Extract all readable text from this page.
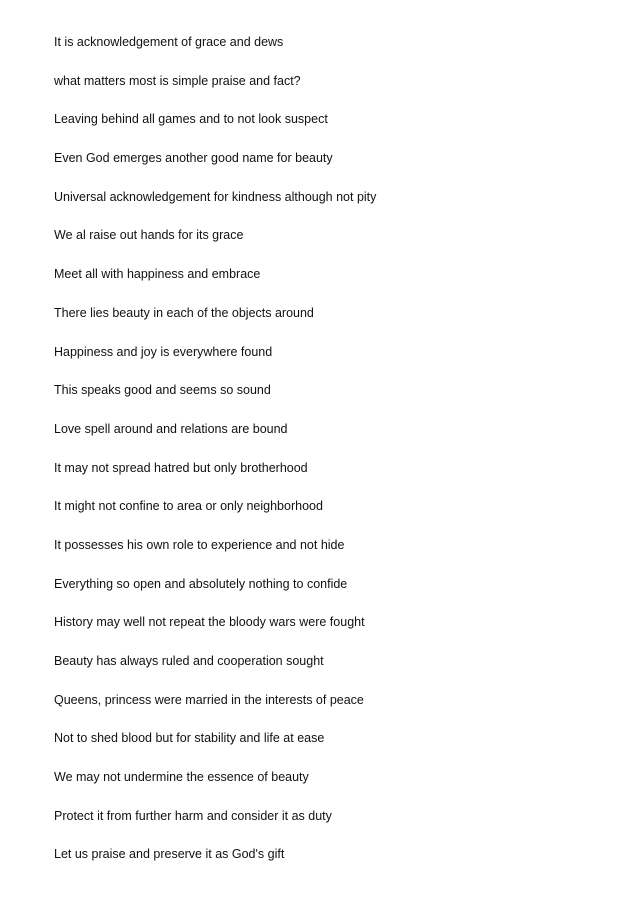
It is acknowledgement of grace and dews
what matters most is simple praise and fact?
Leaving behind all games and to not look suspect
Even God emerges another good name for beauty
Universal acknowledgement for kindness although not pity
We al raise out hands for its grace
Meet all with happiness and embrace
There lies beauty in each of the objects around
Happiness and joy is everywhere found
This speaks good and seems so sound
Love spell around and relations are bound
It may not spread hatred but only brotherhood
It might not confine to area or only neighborhood
It possesses his own role to experience and not hide
Everything so open and absolutely nothing to confide
History may well not repeat the bloody wars were fought
Beauty has always ruled and cooperation sought
Queens, princess were married in the interests of peace
Not to shed blood but for stability and life at ease
We may not undermine the essence of beauty
Protect it from further harm and consider it as duty
Let us praise and preserve it as God's gift
